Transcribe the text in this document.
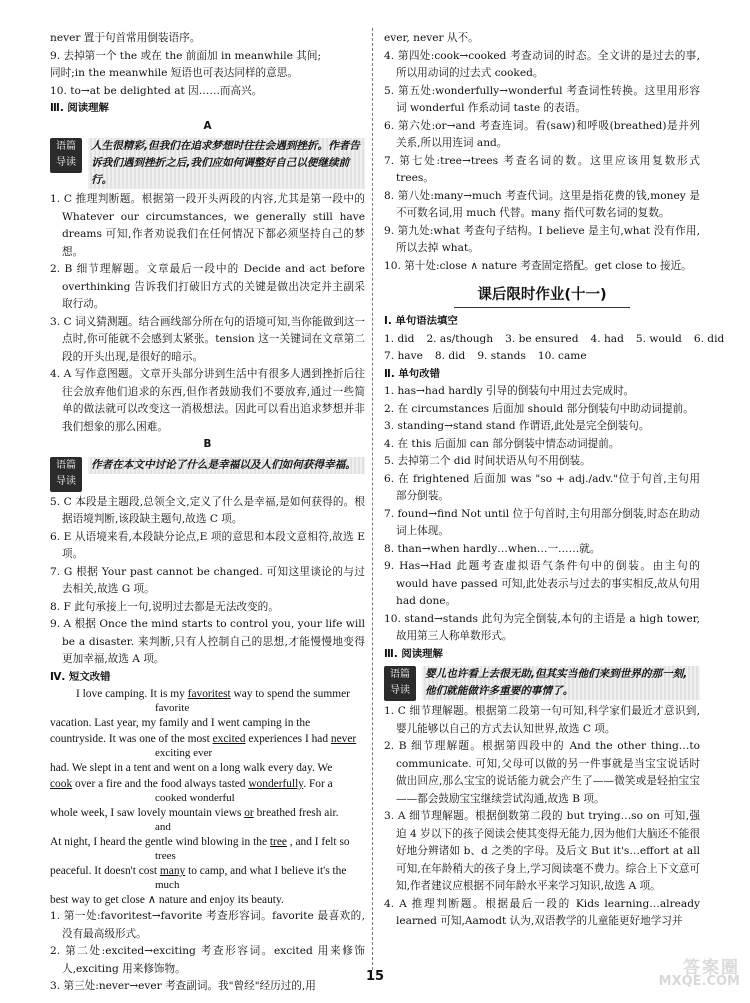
never 置于句首常用倒装语序。

9. 去掉第一个 the 或在 the 前面加 in meanwhile 其间;

同时;in the meanwhile 短语也可表达同样的意思。

10. to→at be delighted at 因……而高兴。

Ⅲ. 阅读理解

A

语篇
导读
人生很精彩,但我们在追求梦想时往往会遇到挫折。作者告诉我们遇到挫折之后,我们应如何调整好自己以便继续前行。

1. C 推理判断题。根据第一段开头两段的内容,尤其是第一段中的 Whatever our circumstances, we generally still have dreams 可知,作者劝说我们在任何情况下都必须坚持自己的梦想。

2. B 细节理解题。文章最后一段中的 Decide and act before overthinking 告诉我们打破旧方式的关键是做出决定并主副采取行动。

3. C 词义猜测题。结合画线部分所在句的语境可知,当你能做到这一点时,你可能就不会感到太紧张。tension 这一关键词在文章第二段的开头出现,是很好的暗示。

4. A 写作意图题。文章开头部分讲到生活中有很多人遇到挫折后往往会放弃他们追求的东西,但作者鼓励我们不要放弃,通过一些简单的做法就可以改变这一消极想法。因此可以看出追求梦想并非我们想象的那么困难。

B

语篇
导读
作者在本文中讨论了什么是幸福以及人们如何获得幸福。

5. C 本段是主题段,总领全文,定义了什么是幸福,是如何获得的。根据语境判断,该段缺主题句,故选 C 项。

6. E 从语境来看,本段缺分论点,E 项的意思和本段文意相符,故选 E 项。

7. G 根据 Your past cannot be changed. 可知这里谈论的与过去相关,故选 G 项。

8. F 此句承接上一句,说明过去都是无法改变的。

9. A 根据 Once the mind starts to control you, your life will be a disaster. 来判断,只有人控制自己的思想,才能慢慢地变得更加幸福,故选 A 项。

Ⅳ. 短文改错

I love camping. It is my favoritest way to spend the summer
favorite
vacation. Last year, my family and I went camping in the
countryside. It was one of the most excited experiences I had never
exciting ever
had. We slept in a tent and went on a long walk every day. We
cook over a fire and the food always tasted wonderfully. For a
cooked wonderful
whole week, I saw lovely mountain views or breathed fresh air.
and
At night, I heard the gentle wind blowing in the tree , and I felt so
trees
peaceful. It doesn't cost many to camp, and what I believe it's the
much
best way to get close ∧ nature and enjoy its beauty.

1. 第一处:favoritest→favorite 考查形容词。favorite 最喜欢的,没有最高级形式。

2. 第二处:excited→exciting 考查形容词。excited 用来修饰人,exciting 用来修饰物。

3. 第三处:never→ever 考查副词。我"曾经"经历过的,用

ever, never 从不。

4. 第四处:cook→cooked 考查动词的时态。全文讲的是过去的事,所以用动词的过去式 cooked。

5. 第五处:wonderfully→wonderful 考查词性转换。这里用形容词 wonderful 作系动词 taste 的表语。

6. 第六处:or→and 考查连词。看(saw)和呼吸(breathed)是并列关系,所以用连词 and。

7. 第七处:tree→trees 考查名词的数。这里应该用复数形式 trees。

8. 第八处:many→much 考查代词。这里是指花费的钱,money 是不可数名词,用 much 代替。many 指代可数名词的复数。

9. 第九处:what 考查句子结构。I believe 是主句,what 没有作用,所以去掉 what。

10. 第十处:close ∧ nature 考查固定搭配。get close to 接近。

课后限时作业(十一)

Ⅰ. 单句语法填空

1. did 2. as/though 3. be ensured 4. had 5. would 6. did
7. have 8. did 9. stands 10. came

Ⅱ. 单句改错

1. has→had hardly 引导的倒装句中用过去完成时。

2. 在 circumstances 后面加 should 部分倒装句中助动词提前。

3. standing→stand stand 作谓语,此处是完全倒装句。

4. 在 this 后面加 can 部分倒装中情态动词提前。

5. 去掉第二个 did 时间状语从句不用倒装。

6. 在 frightened 后面加 was "so + adj./adv."位于句首,主句用部分倒装。

7. found→find Not until 位于句首时,主句用部分倒装,时态在助动词上体现。

8. than→when hardly…when…一……就。

9. Has→Had 此题考查虚拟语气条件句中的倒装。由主句的 would have passed 可知,此处表示与过去的事实相反,故从句用 had done。

10. stand→stands 此句为完全倒装,本句的主语是 a high tower,故用第三人称单数形式。

Ⅲ. 阅读理解

语篇
导读
婴儿也许看上去很无助,但其实当他们来到世界的那一刻,他们就能做许多重要的事情了。

1. C 细节理解题。根据第二段第一句可知,科学家们最近才意识到,婴儿能够以自己的方式去认知世界,故选 C 项。

2. B 细节理解题。根据第四段中的 And the other thing…to communicate. 可知,父母可以做的另一件事就是当宝宝说话时做出回应,那么宝宝的说话能力就会产生了——微笑或是轻拍宝宝——都会鼓励宝宝继续尝试沟通,故选 B 项。

3. A 细节理解题。根据倒数第二段的 but trying…so on 可知,强迫 4 岁以下的孩子阅读会使其变得无能力,因为他们大脑还不能很好地分辨诸如 b、d 之类的字母。及后文 But it's…effort at all 可知,在年龄稍大的孩子身上,学习阅读毫不费力。综合上下文意可知,作者建议应根据不同年龄水平来学习知识,故选 A 项。

4. A 推理判断题。根据最后一段的 Kids learning…already learned 可知,Aamodt 认为,双语教学的儿童能更好地学习并

15	答案圈
MXQE.COM
